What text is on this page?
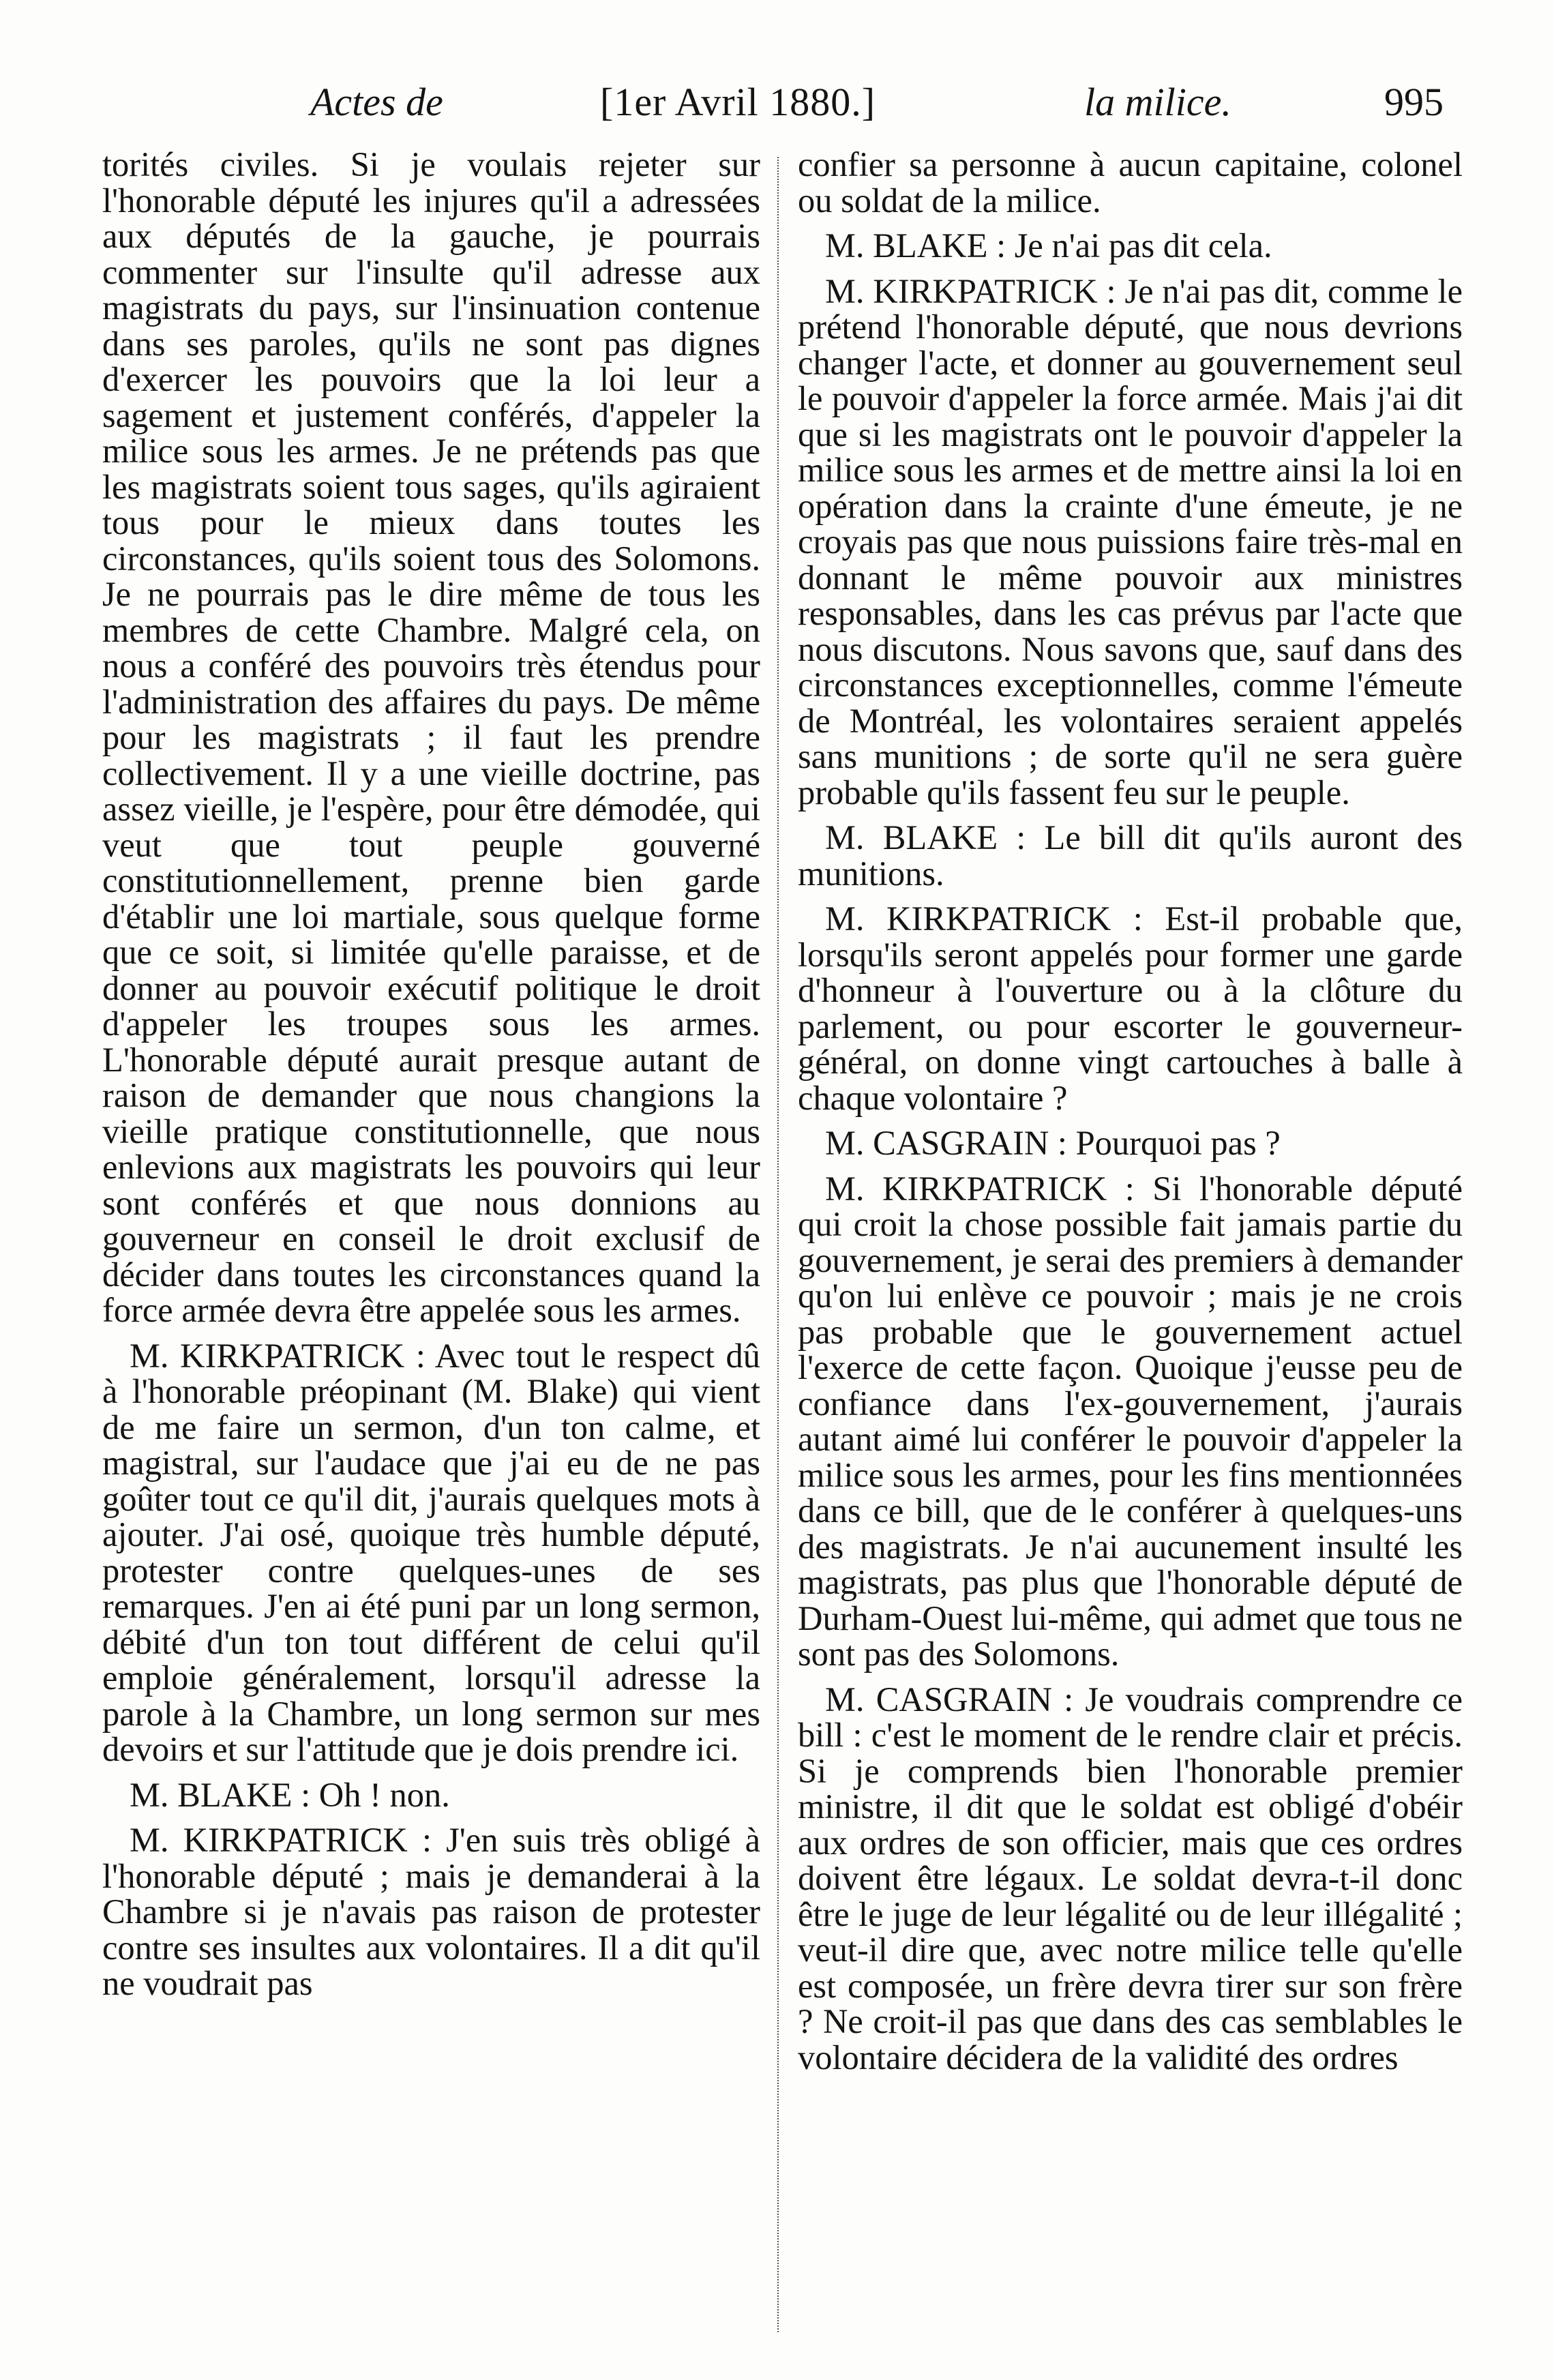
Actes de	[1er Avril 1880.]	la milice.	995

torités civiles. Si je voulais rejeter sur l'honorable député les injures qu'il a adressées aux députés de la gauche, je pourrais commenter sur l'insulte qu'il adresse aux magistrats du pays, sur l'insinuation contenue dans ses paroles, qu'ils ne sont pas dignes d'exercer les pouvoirs que la loi leur a sagement et justement conférés, d'appeler la milice sous les armes. Je ne prétends pas que les magistrats soient tous sages, qu'ils agiraient tous pour le mieux dans toutes les circonstances, qu'ils soient tous des Solomons. Je ne pourrais pas le dire même de tous les membres de cette Chambre. Malgré cela, on nous a conféré des pouvoirs très étendus pour l'administration des affaires du pays. De même pour les magistrats ; il faut les prendre collectivement. Il y a une vieille doctrine, pas assez vieille, je l'espère, pour être démodée, qui veut que tout peuple gouverné constitutionnellement, prenne bien garde d'établir une loi martiale, sous quelque forme que ce soit, si limitée qu'elle paraisse, et de donner au pouvoir exécutif politique le droit d'appeler les troupes sous les armes. L'honorable député aurait presque autant de raison de demander que nous changions la vieille pratique constitutionnelle, que nous enlevions aux magistrats les pouvoirs qui leur sont conférés et que nous donnions au gouverneur en conseil le droit exclusif de décider dans toutes les circonstances quand la force armée devra être appelée sous les armes.

M. KIRKPATRICK : Avec tout le respect dû à l'honorable préopinant (M. Blake) qui vient de me faire un sermon, d'un ton calme, et magistral, sur l'audace que j'ai eu de ne pas goûter tout ce qu'il dit, j'aurais quelques mots à ajouter. J'ai osé, quoique très humble député, protester contre quelques-unes de ses remarques. J'en ai été puni par un long sermon, débité d'un ton tout différent de celui qu'il emploie généralement, lorsqu'il adresse la parole à la Chambre, un long sermon sur mes devoirs et sur l'attitude que je dois prendre ici.

M. BLAKE : Oh ! non.

M. KIRKPATRICK : J'en suis très obligé à l'honorable député ; mais je demanderai à la Chambre si je n'avais pas raison de protester contre ses insultes aux volontaires. Il a dit qu'il ne voudrait pas

confier sa personne à aucun capitaine, colonel ou soldat de la milice.

M. BLAKE : Je n'ai pas dit cela.

M. KIRKPATRICK : Je n'ai pas dit, comme le prétend l'honorable député, que nous devrions changer l'acte, et donner au gouvernement seul le pouvoir d'appeler la force armée. Mais j'ai dit que si les magistrats ont le pouvoir d'appeler la milice sous les armes et de mettre ainsi la loi en opération dans la crainte d'une émeute, je ne croyais pas que nous puissions faire très-mal en donnant le même pouvoir aux ministres responsables, dans les cas prévus par l'acte que nous discutons. Nous savons que, sauf dans des circonstances exceptionnelles, comme l'émeute de Montréal, les volontaires seraient appelés sans munitions ; de sorte qu'il ne sera guère probable qu'ils fassent feu sur le peuple.

M. BLAKE : Le bill dit qu'ils auront des munitions.

M. KIRKPATRICK : Est-il probable que, lorsqu'ils seront appelés pour former une garde d'honneur à l'ouverture ou à la clôture du parlement, ou pour escorter le gouverneur-général, on donne vingt cartouches à balle à chaque volontaire ?

M. CASGRAIN : Pourquoi pas ?

M. KIRKPATRICK : Si l'honorable député qui croit la chose possible fait jamais partie du gouvernement, je serai des premiers à demander qu'on lui enlève ce pouvoir ; mais je ne crois pas probable que le gouvernement actuel l'exerce de cette façon. Quoique j'eusse peu de confiance dans l'ex-gouvernement, j'aurais autant aimé lui conférer le pouvoir d'appeler la milice sous les armes, pour les fins mentionnées dans ce bill, que de le conférer à quelques-uns des magistrats. Je n'ai aucunement insulté les magistrats, pas plus que l'honorable député de Durham-Ouest lui-même, qui admet que tous ne sont pas des Solomons.

M. CASGRAIN : Je voudrais comprendre ce bill : c'est le moment de le rendre clair et précis. Si je comprends bien l'honorable premier ministre, il dit que le soldat est obligé d'obéir aux ordres de son officier, mais que ces ordres doivent être légaux. Le soldat devra-t-il donc être le juge de leur légalité ou de leur illégalité ; veut-il dire que, avec notre milice telle qu'elle est composée, un frère devra tirer sur son frère ? Ne croit-il pas que dans des cas semblables le volontaire décidera de la validité des ordres
